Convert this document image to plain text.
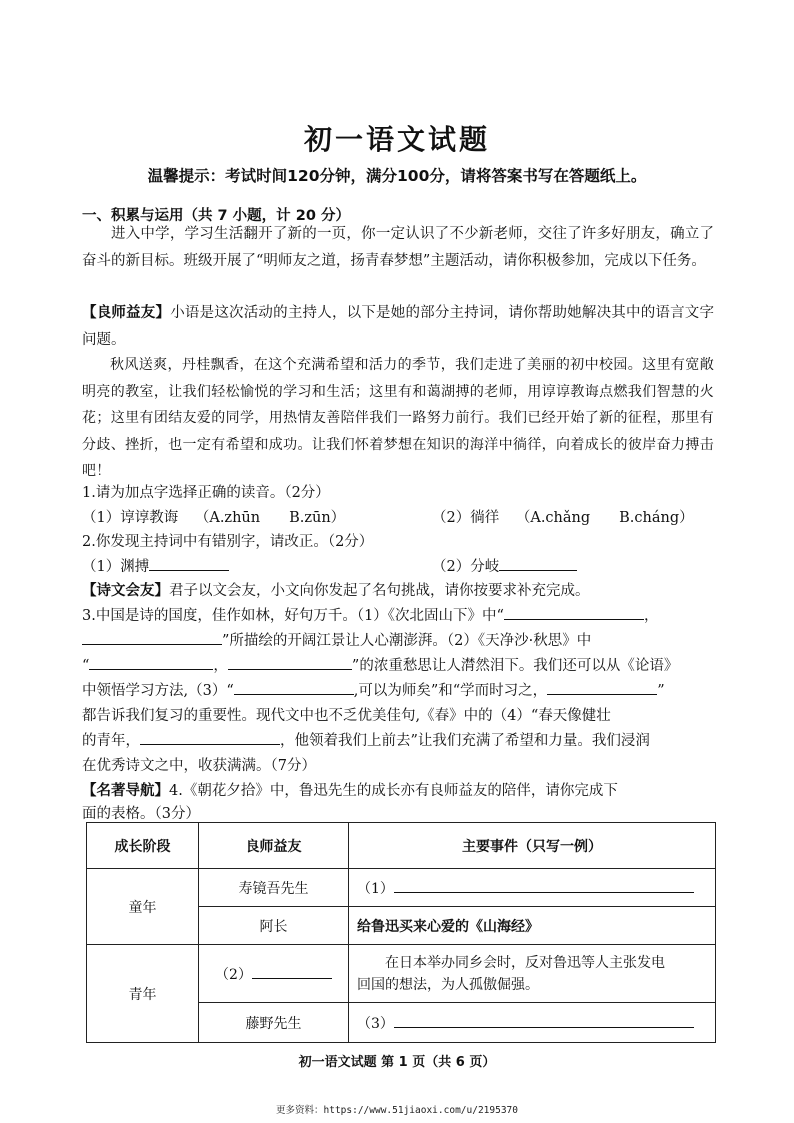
初一语文试题
温馨提示：考试时间120分钟，满分100分，请将答案书写在答题纸上。
一、积累与运用（共 7 小题，计 20 分）
进入中学，学习生活翻开了新的一页，你一定认识了不少新老师，交往了许多好朋友，确立了奋斗的新目标。班级开展了“明师友之道，扬青春梦想”主题活动，请你积极参加，完成以下任务。
【良师益友】小语是这次活动的主持人，以下是她的部分主持词，请你帮助她解决其中的语言文字问题。
秋风送爽，丹桂飘香，在这个充满希望和活力的季节，我们走进了美丽的初中校园。这里有宽敞明亮的教室，让我们轻松愉悦的学习和生活；这里有和蔼湖搏的老师，用谆谆教诲点燃我们智慧的火花；这里有团结友爱的同学，用热情友善陪伴我们一路努力前行。我们已经开始了新的征程，那里有分歧、挫折，也一定有希望和成功。让我们怀着梦想在知识的海洋中徜徉，向着成长的彼岸奋力搏击吧！
1.请为加点字选择正确的读音。（2分）
（1）谆谆教诲 （A.zhūn　　B.zūn）	（2）徜徉 （A.chǎng　　B.cháng）
2.你发现主持词中有错别字，请改正。（2分）
（1）渊搏	（2）分岐
【诗文会友】君子以文会友，小文向你发起了名句挑战，请你按要求补充完成。
3.中国是诗的国度，佳作如林，好句万千。（1）《次北固山下》中“	，
”所描绘的开阔江景让人心潮澎湃。（2）《天净沙·秋思》中
“	，	”的浓重愁思让人潸然泪下。我们还可以从《论语》
中领悟学习方法,（3）“	,可以为师矣”和“学而时习之，	”
都告诉我们复习的重要性。现代文中也不乏优美佳句,《春》中的（4）“春天像健壮
的青年，	，他领着我们上前去”让我们充满了希望和力量。我们浸润
在优秀诗文之中，收获满满。（7分）
【名著导航】4.《朝花夕拾》中，鲁迅先生的成长亦有良师益友的陪伴，请你完成下
面的表格。（3分）
成长阶段	良师益友	主要事件（只写一例）
童年	寿镜吾先生	（1）
	阿长	给鲁迅买来心爱的《山海经》
青年	（2）	在日本举办同乡会时，反对鲁迅等人主张发电
回国的想法，为人孤傲倔强。

	藤野先生	（3）
初一语文试题 第 1 页（共 6 页）
更多资料：https://www.51jiaoxi.com/u/2195370
